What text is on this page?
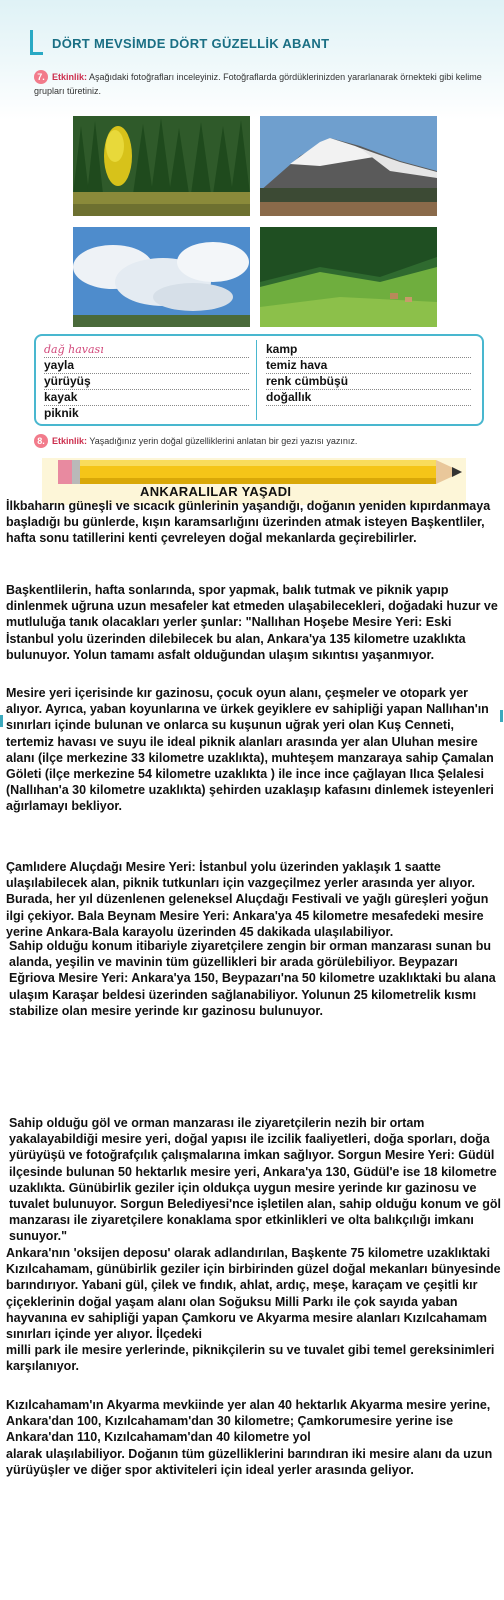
DÖRT MEVSİMDE DÖRT GÜZELLİK ABANT
7. Etkinlik: Aşağıdaki fotoğrafları inceleyiniz. Fotoğraflarda gördüklerinizden yararlanarak örnekteki gibi kelime grupları türetiniz.
dağ havası
yayla
yürüyüş
kayak
piknik
kamp
temiz hava
renk cümbüşü
doğallık
8. Etkinlik: Yaşadığınız yerin doğal güzelliklerini anlatan bir gezi yazısı yazınız.
ANKARALILAR YAŞADI

İlkbaharın güneşli ve sıcacık günlerinin yaşandığı, doğanın yeniden kıpırdanmaya başladığı bu günlerde, kışın karamsarlığını üzerinden atmak isteyen Başkentliler, hafta sonu tatillerini kenti çevreleyen doğal mekanlarda geçirebilirler.

Başkentlilerin, hafta sonlarında, spor yapmak, balık tutmak ve piknik yapıp dinlenmek uğruna uzun mesafeler kat etmeden ulaşabilecekleri, doğadaki huzur ve mutluluğa tanık olacakları yerler şunlar: "Nallıhan Hoşebe Mesire Yeri: Eski İstanbul yolu üzerinden dilebilecek bu alan, Ankara'ya 135 kilometre uzaklıkta bulunuyor. Yolun tamamı asfalt olduğundan ulaşım sıkıntısı yaşanmıyor.

Mesire yeri içerisinde kır gazinosu, çocuk oyun alanı, çeşmeler ve otopark yer alıyor. Ayrıca, yaban koyunlarına ve ürkek geyiklere ev sahipliği yapan Nallıhan'ın sınırları içinde bulunan ve onlarca su kuşunun uğrak yeri olan Kuş Cenneti, tertemiz havası ve suyu ile ideal piknik alanları arasında yer alan Uluhan mesire alanı (ilçe merkezine 33 kilometre uzaklıkta), muhteşem manzaraya sahip Çamalan Göleti (ilçe merkezine 54 kilometre uzaklıkta ) ile ince ince çağlayan Ilıca Şelalesi (Nallıhan'a 30 kilometre uzaklıkta) şehirden uzaklaşıp kafasını dinlemek isteyenleri ağırlamayı bekliyor.

Çamlıdere Aluçdağı Mesire Yeri: İstanbul yolu üzerinden yaklaşık 1 saatte ulaşılabilecek alan, piknik tutkunları için vazgeçilmez yerler arasında yer alıyor. Burada, her yıl düzenlenen geleneksel Aluçdağı Festivali ve yağlı güreşleri yoğun ilgi çekiyor. Bala Beynam Mesire Yeri: Ankara'ya 45 kilometre mesafedeki mesire yerine Ankara-Bala karayolu üzerinden 45 dakikada ulaşılabiliyor.

Sahip olduğu konum itibariyle ziyaretçilere zengin bir orman manzarası sunan bu alanda, yeşilin ve mavinin tüm güzellikleri bir arada görülebiliyor. Beypazarı Eğriova Mesire Yeri: Ankara'ya 150, Beypazarı'na 50 kilometre uzaklıktaki bu alana ulaşım Karaşar beldesi üzerinden sağlanabiliyor. Yolunun 25 kilometrelik kısmı stabilize olan mesire yerinde kır gazinosu bulunuyor.

Sahip olduğu göl ve orman manzarası ile ziyaretçilerin nezih bir ortam yakalayabildiği mesire yeri, doğal yapısı ile izcilik faaliyetleri, doğa sporları, doğa yürüyüşü ve fotoğrafçılık çalışmalarına imkan sağlıyor. Sorgun Mesire Yeri: Güdül ilçesinde bulunan 50 hektarlık mesire yeri, Ankara'ya 130, Güdül'e ise 18 kilometre uzaklıkta. Günübirlik geziler için oldukça uygun mesire yerinde kır gazinosu ve tuvalet bulunuyor. Sorgun Belediyesi'nce işletilen alan, sahip olduğu konum ve göl manzarası ile ziyaretçilere konaklama spor etkinlikleri ve olta balıkçılığı imkanı sunuyor."

Ankara'nın 'oksijen deposu' olarak adlandırılan, Başkente 75 kilometre uzaklıktaki Kızılcahamam, günübirlik geziler için birbirinden güzel doğal mekanları bünyesinde barındırıyor. Yabani gül, çilek ve fındık, ahlat, ardıç, meşe, karaçam ve çeşitli kır çiçeklerinin doğal yaşam alanı olan Soğuksu Milli Parkı ile çok sayıda yaban hayvanına ev sahipliği yapan Çamkoru ve Akyarma mesire alanları Kızılcahamam sınırları içinde yer alıyor. İlçedeki
milli park ile mesire yerlerinde, piknikçilerin su ve tuvalet gibi temel gereksinimleri karşılanıyor.

Kızılcahamam'ın Akyarma mevkiinde yer alan 40 hektarlık Akyarma mesire yerine, Ankara'dan 100, Kızılcahamam'dan 30 kilometre; Çamkorumesire yerine ise Ankara'dan 110, Kızılcahamam'dan 40 kilometre yol
alarak ulaşılabiliyor. Doğanın tüm güzelliklerini barındıran iki mesire alanı da uzun yürüyüşler ve diğer spor aktiviteleri için ideal yerler arasında geliyor.
